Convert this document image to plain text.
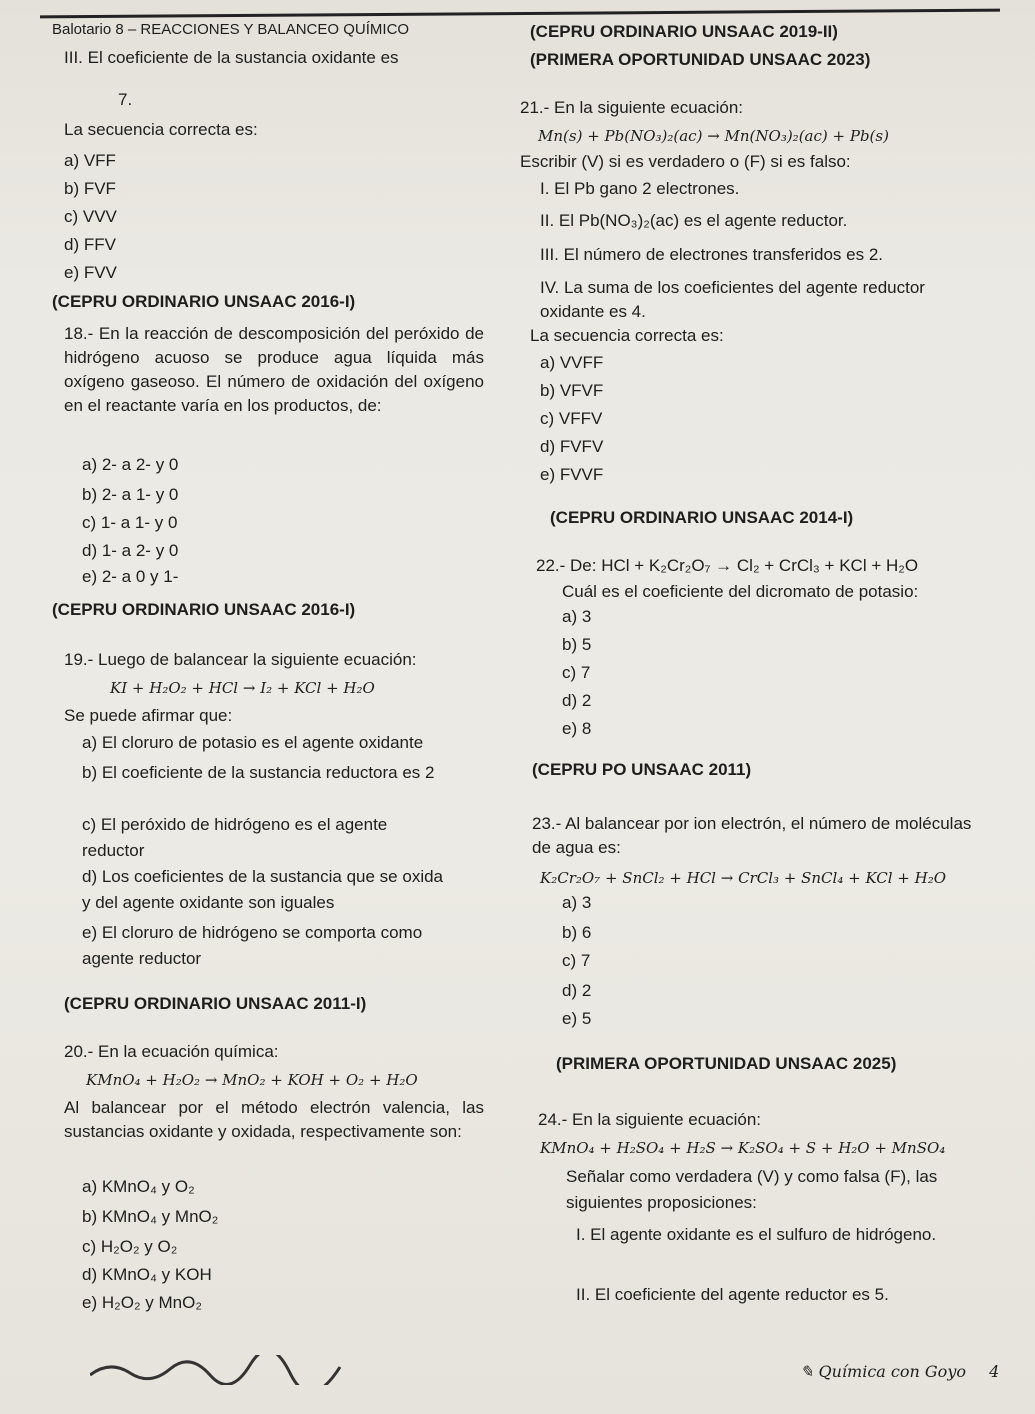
Balotario 8 – REACCIONES Y BALANCEO QUÍMICO
III. El coeficiente de la sustancia oxidante es
7.
La secuencia correcta es:
a) VFF
b) FVF
c) VVV
d) FFV
e) FVV
(CEPRU ORDINARIO UNSAAC 2016-I)
18.- En la reacción de descomposición del peróxido de hidrógeno acuoso se produce agua líquida más oxígeno gaseoso. El número de oxidación del oxígeno en el reactante varía en los productos, de:
a) 2- a 2- y 0
b) 2- a 1- y 0
c) 1- a 1- y 0
d) 1- a 2- y 0
e) 2- a 0 y 1-
(CEPRU ORDINARIO UNSAAC 2016-I)
19.- Luego de balancear la siguiente ecuación:
KI + H₂O₂ + HCl → I₂ + KCl + H₂O
Se puede afirmar que:
a) El cloruro de potasio es el agente oxidante
b) El coeficiente de la sustancia reductora es 2
c) El peróxido de hidrógeno es el agente reductor
d) Los coeficientes de la sustancia que se oxida y del agente oxidante son iguales
e) El cloruro de hidrógeno se comporta como agente reductor
(CEPRU ORDINARIO UNSAAC 2011-I)
20.- En la ecuación química:
KMnO₄ + H₂O₂ → MnO₂ + KOH + O₂ + H₂O
Al balancear por el método electrón valencia, las sustancias oxidante y oxidada, respectivamente son:
a) KMnO₄ y O₂
b) KMnO₄ y MnO₂
c) H₂O₂ y O₂
d) KMnO₄ y KOH
e) H₂O₂ y MnO₂
(CEPRU ORDINARIO UNSAAC 2019-II)
(PRIMERA OPORTUNIDAD UNSAAC 2023)
21.- En la siguiente ecuación:
Mn(s) + Pb(NO₃)₂(ac) → Mn(NO₃)₂(ac) + Pb(s)
Escribir (V) si es verdadero o (F) si es falso:
I. El Pb gano 2 electrones.
II. El Pb(NO₃)₂(ac) es el agente reductor.
III. El número de electrones transferidos es 2.
IV. La suma de los coeficientes del agente reductor oxidante es 4.
La secuencia correcta es:
a) VVFF
b) VFVF
c) VFFV
d) FVFV
e) FVVF
(CEPRU ORDINARIO UNSAAC 2014-I)
22.- De: HCl + K₂Cr₂O₇ → Cl₂ + CrCl₃ + KCl + H₂O
Cuál es el coeficiente del dicromato de potasio:
a) 3
b) 5
c) 7
d) 2
e) 8
(CEPRU PO UNSAAC 2011)
23.- Al balancear por ion electrón, el número de moléculas de agua es:
K₂Cr₂O₇ + SnCl₂ + HCl → CrCl₃ + SnCl₄ + KCl + H₂O
a) 3
b) 6
c) 7
d) 2
e) 5
(PRIMERA OPORTUNIDAD UNSAAC 2025)
24.- En la siguiente ecuación:
KMnO₄ + H₂SO₄ + H₂S → K₂SO₄ + S + H₂O + MnSO₄
Señalar como verdadera (V) y como falsa (F), las siguientes proposiciones:
I. El agente oxidante es el sulfuro de hidrógeno.
II. El coeficiente del agente reductor es 5.
✎ Química con Goyo 4
